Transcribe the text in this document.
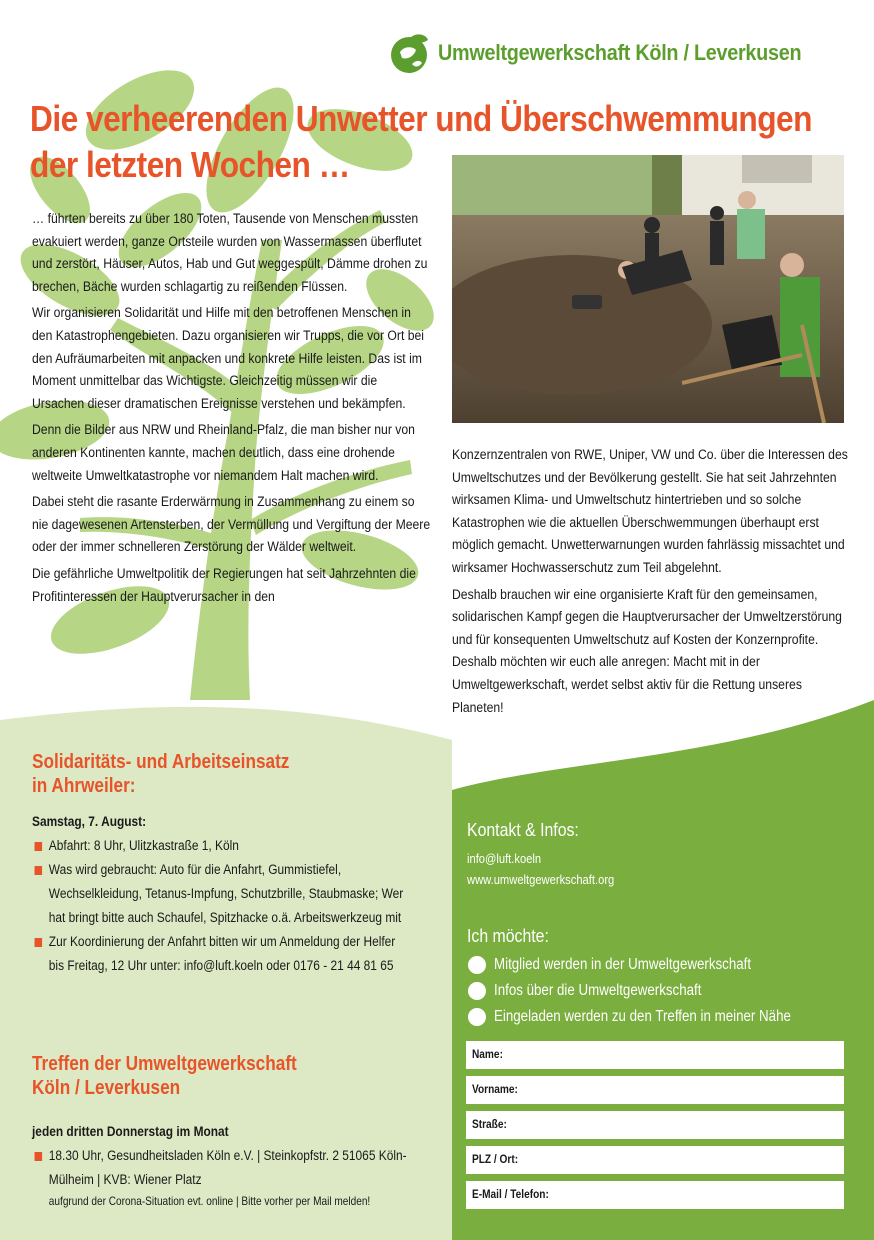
Umweltgewerkschaft Köln / Leverkusen
Die verheerenden Unwetter und Überschwemmungen
der letzten Wochen …

… führten bereits zu über 180 Toten, Tausende von Menschen mussten evakuiert werden, ganze Ortsteile wurden von Wassermassen überflutet und zerstört, Häuser, Autos, Hab und Gut weggespült, Dämme drohen zu brechen, Bäche wurden schlagartig zu reißenden Flüssen.

Wir organisieren Solidarität und Hilfe mit den betroffenen Menschen in den Katastrophengebieten. Dazu organisieren wir Trupps, die vor Ort bei den Aufräumarbeiten mit anpacken und konkrete Hilfe leisten. Das ist im Moment unmittelbar das Wichtigste. Gleichzeitig müssen wir die Ursachen dieser dramatischen Ereignisse verstehen und bekämpfen.

Denn die Bilder aus NRW und Rheinland-Pfalz, die man bisher nur von anderen Kontinenten kannte, machen deutlich, dass eine drohende weltweite Umweltkatastrophe vor niemandem Halt machen wird.

Dabei steht die rasante Erderwärmung in Zusammenhang zu einem so nie dagewesenen Artensterben, der Vermüllung und Vergiftung der Meere oder der immer schnelleren Zerstörung der Wälder weltweit.

Die gefährliche Umweltpolitik der Regierungen hat seit Jahrzehnten die Profitinteressen der Hauptverursacher in den

Konzernzentralen von RWE, Uniper, VW und Co. über die Interessen des Umweltschutzes und der Bevölkerung gestellt. Sie hat seit Jahrzehnten wirksamen Klima- und Umweltschutz hintertrieben und so solche Katastrophen wie die aktuellen Überschwemmungen überhaupt erst möglich gemacht. Unwetterwarnungen wurden fahrlässig missachtet und wirksamer Hochwasserschutz zum Teil abgelehnt.

Deshalb brauchen wir eine organisierte Kraft für den gemeinsamen, solidarischen Kampf gegen die Hauptverursacher der Umweltzerstörung und für konsequenten Umweltschutz auf Kosten der Konzernprofite. Deshalb möchten wir euch alle anregen: Macht mit in der Umweltgewerkschaft, werdet selbst aktiv für die Rettung unseres Planeten!

Solidaritäts- und Arbeitseinsatz
in Ahrweiler:
Samstag, 7. August:
Abfahrt: 8 Uhr, Ulitzkastraße 1, Köln
Was wird gebraucht: Auto für die Anfahrt, Gummistiefel, Wechselkleidung, Tetanus-Impfung, Schutzbrille, Staubmaske; Wer hat bringt bitte auch Schaufel, Spitzhacke o.ä. Arbeitswerkzeug mit
Zur Koordinierung der Anfahrt bitten wir um Anmeldung der Helfer bis Freitag, 12 Uhr unter: info@luft.koeln oder 0176 - 21 44 81 65
Treffen der Umweltgewerkschaft
Köln / Leverkusen
jeden dritten Donnerstag im Monat
18.30 Uhr, Gesundheitsladen Köln e.V. | Steinkopfstr. 2 51065 Köln-Mülheim | KVB: Wiener Platz
aufgrund der Corona-Situation evt. online | Bitte vorher per Mail melden!
Kontakt & Infos:
info@luft.koeln
www.umweltgewerkschaft.org
Ich möchte:
Mitglied werden in der Umweltgewerkschaft
Infos über die Umweltgewerkschaft
Eingeladen werden zu den Treffen in meiner Nähe
Name:
Vorname:
Straße:
PLZ / Ort:
E-Mail / Telefon:
